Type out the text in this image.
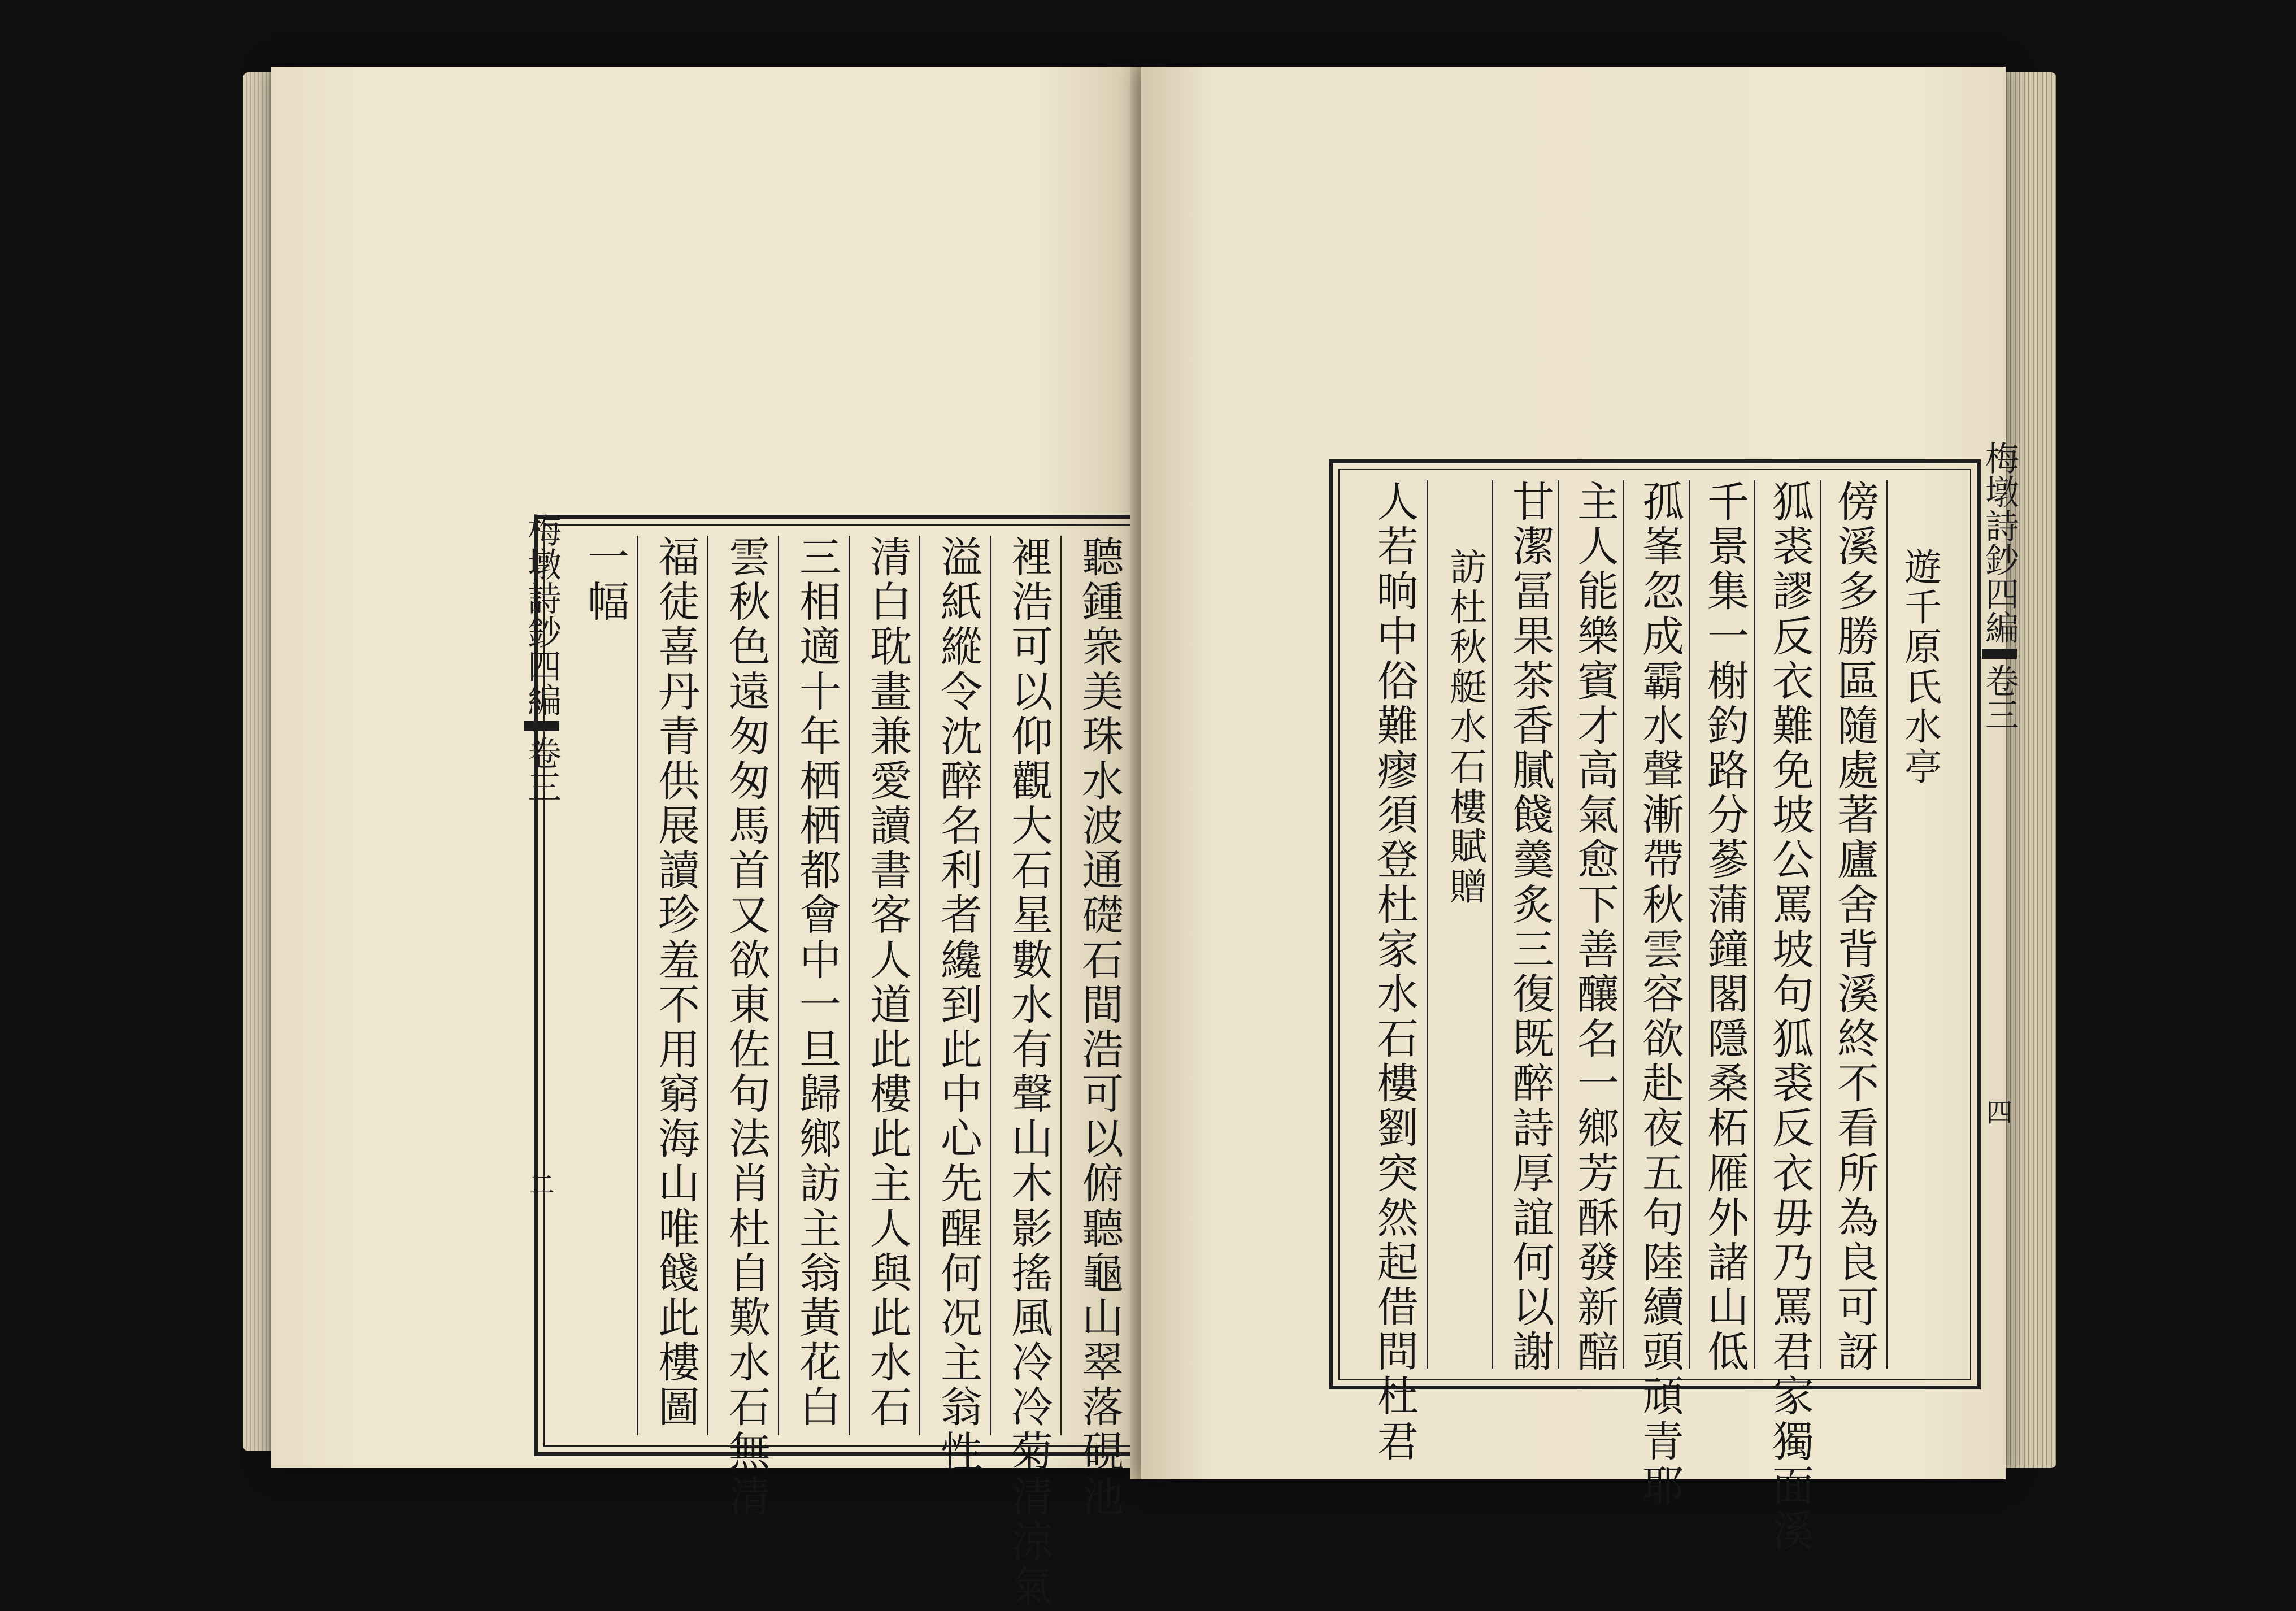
梅墩詩鈔四編
卷三
二
聽
鍾
衆
美
珠
水
波
通
礎
石
間
浩
可
以
俯
聽
龜
山
翠
落
硯
池
裡
浩
可
以
仰
觀
大
石
星
數
水
有
聲
山
木
影
搖
風
冷
冷
菊
清
涼
氣
溢
紙
縱
令
沈
醉
名
利
者
纔
到
此
中
心
先
醒
何
况
主
翁
性
清
白
耽
畫
兼
愛
讀
書
客
人
道
此
樓
此
主
人
與
此
水
石
三
相
適
十
年
栖
栖
都
會
中
一
旦
歸
鄉
訪
主
翁
黃
花
白
雲
秋
色
遠
匆
匆
馬
首
又
欲
東
佐
句
法
肖
杜
自
歎
水
石
無
清
福
徒
喜
丹
青
供
展
讀
珍
羞
不
用
窮
海
山
唯
餞
此
樓
圖
一
幅
遊
千
原
氏
水
亭
傍
溪
多
勝
區
隨
處
著
廬
舍
背
溪
終
不
看
所
為
良
可
訝
狐
裘
謬
反
衣
難
免
坡
公
罵
坡
句
狐
裘
反
衣
毋
乃
罵
君
家
獨
面
溪
千
景
集
一
榭
釣
路
分
蔘
蒲
鐘
閣
隱
桑
柘
雁
外
諸
山
低
孤
峯
忽
成
霸
水
聲
漸
帶
秋
雲
容
欲
赴
夜
五
句
陸
續
頭
頑
青
耶
主
人
能
樂
賓
才
高
氣
愈
下
善
釀
名
一
鄉
芳
酥
發
新
醅
甘
潔
冨
果
茶
香
膩
餞
羹
炙
三
復
既
醉
詩
厚
誼
何
以
謝
訪
杜
秋
艇
水
石
樓
賦
贈
人
若
晌
中
俗
難
瘳
須
登
杜
家
水
石
樓
劉
突
然
起
借
問
杜
君
梅墩詩鈔四編
卷三
四
